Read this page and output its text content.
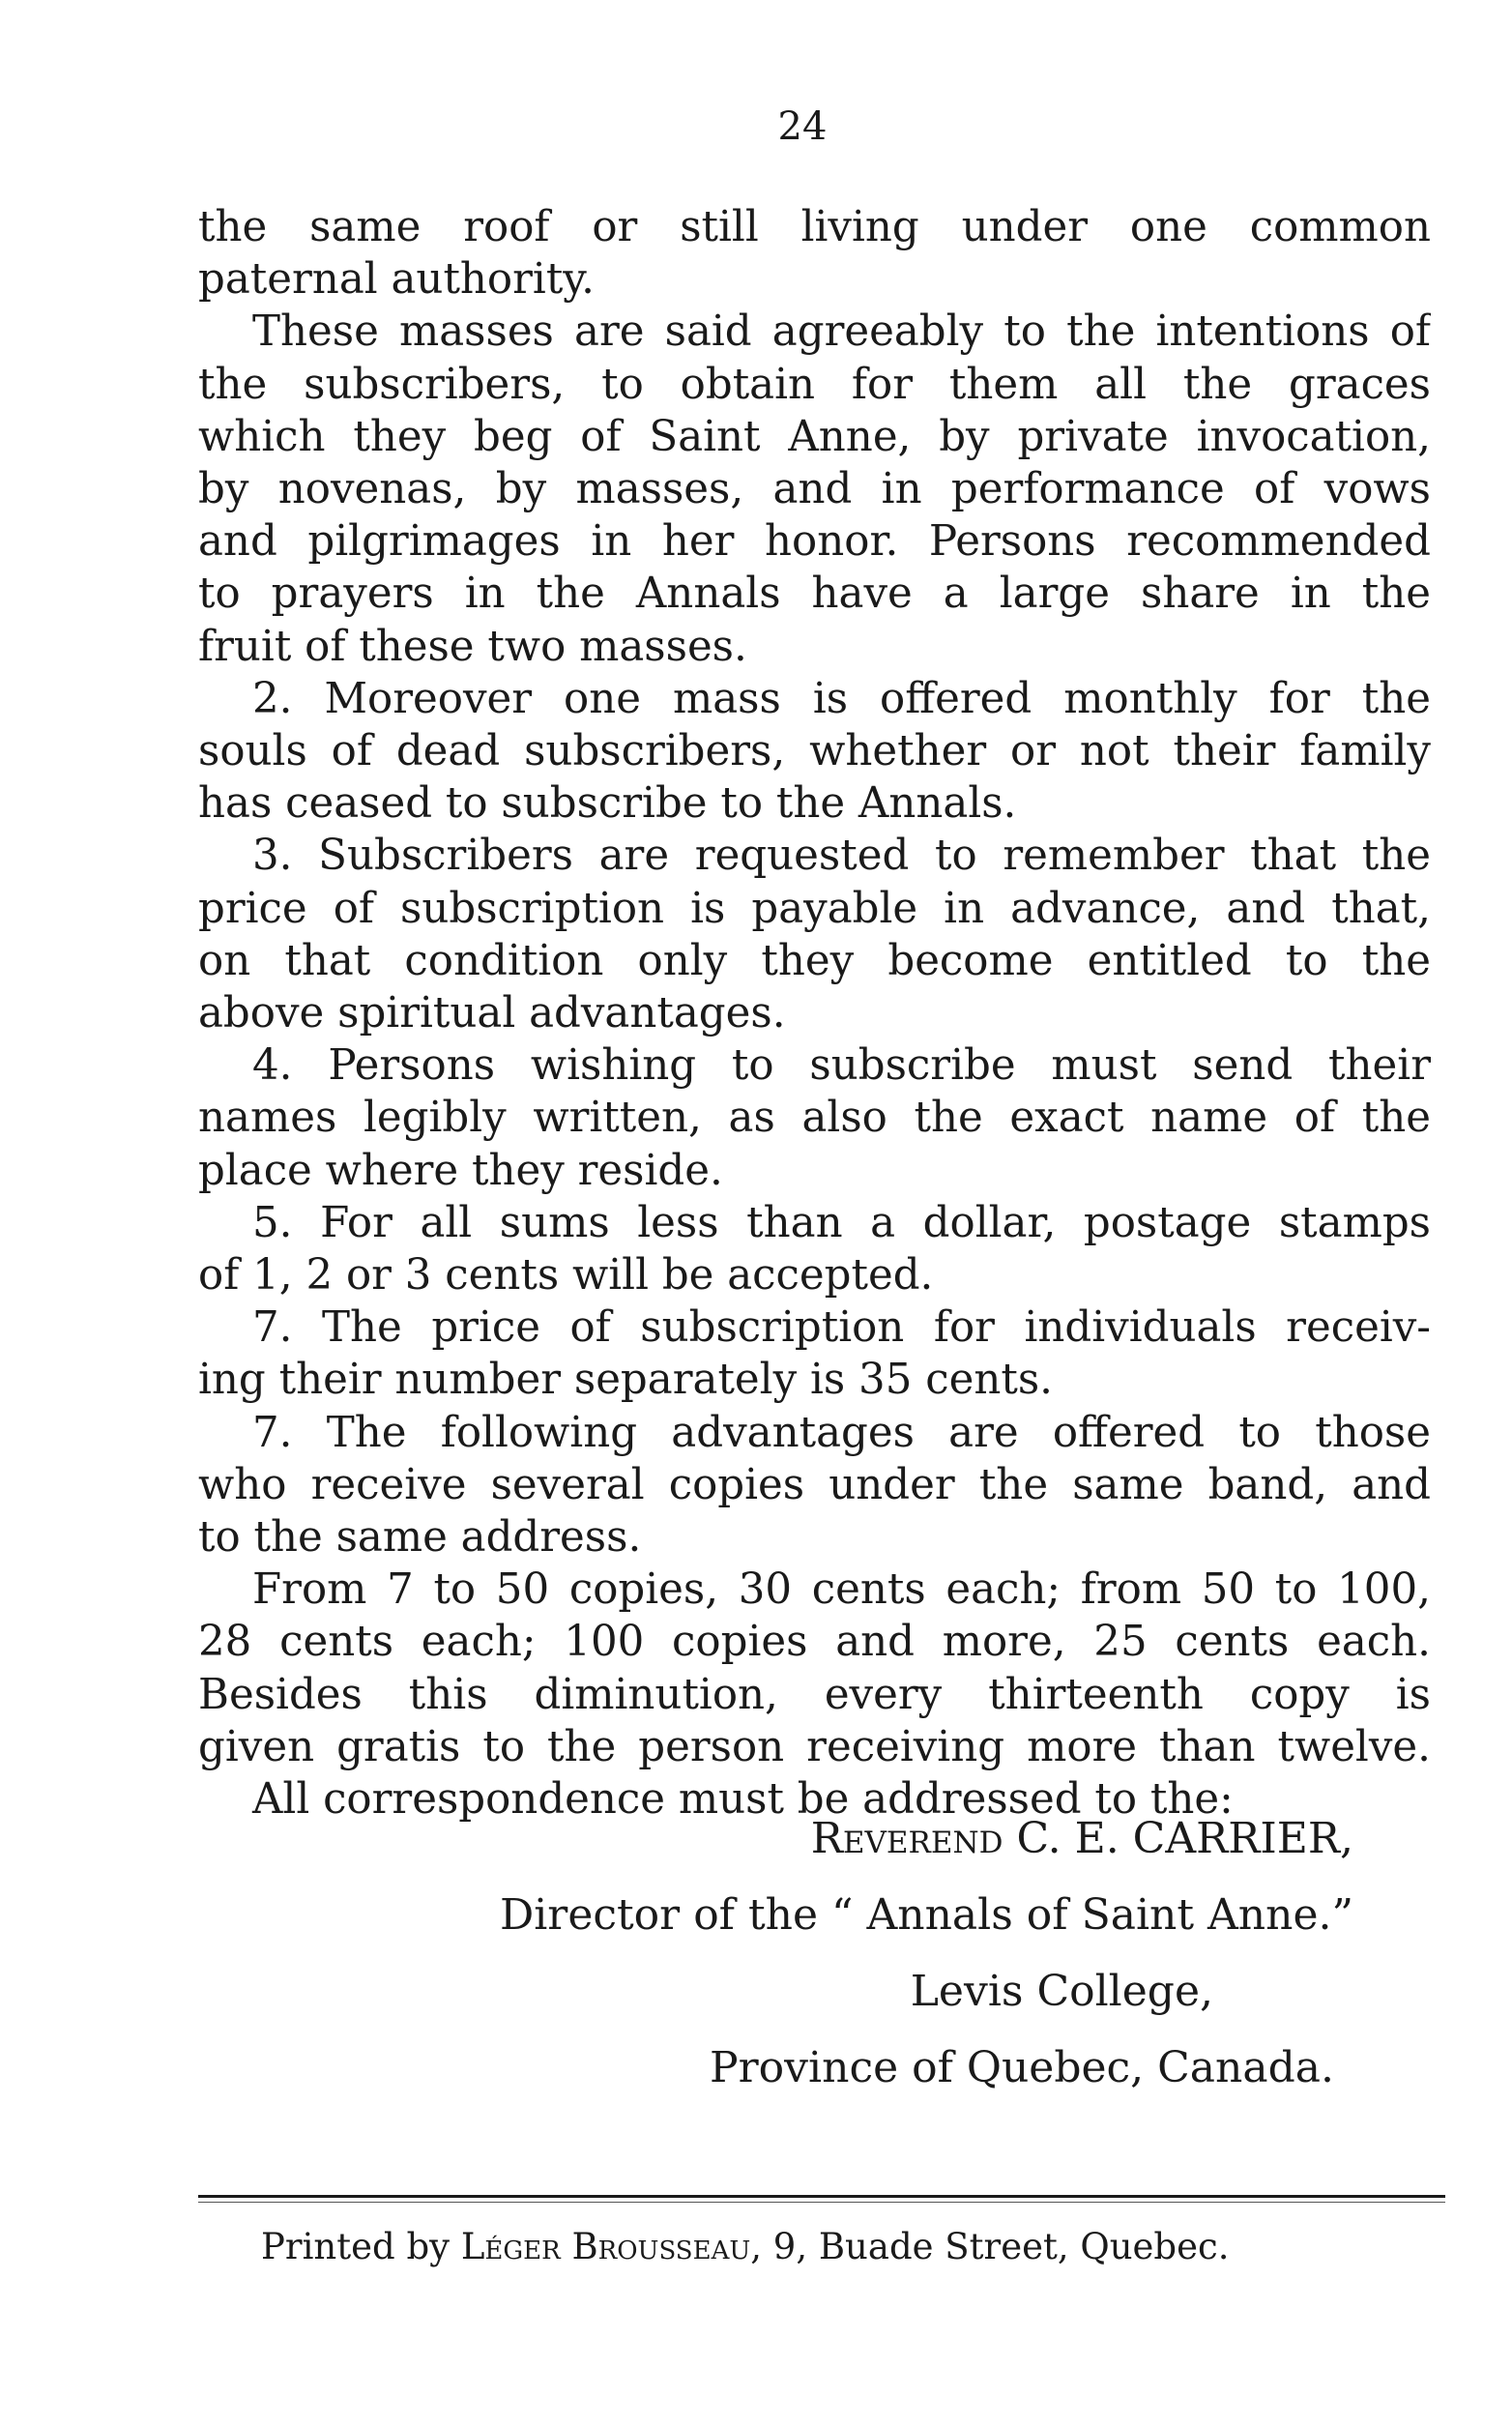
24
the same roof or still living under one common
paternal authority.
These masses are said agreeably to the intentions of
the subscribers, to obtain for them all the graces
which they beg of Saint Anne, by private invocation,
by novenas, by masses, and in performance of vows
and pilgrimages in her honor. Persons recommended
to prayers in the Annals have a large share in the
fruit of these two masses.
2. Moreover one mass is offered monthly for the
souls of dead subscribers, whether or not their family
has ceased to subscribe to the Annals.
3. Subscribers are requested to remember that the
price of subscription is payable in advance, and that,
on that condition only they become entitled to the
above spiritual advantages.
4. Persons wishing to subscribe must send their
names legibly written, as also the exact name of the
place where they reside.
5. For all sums less than a dollar, postage stamps
of 1, 2 or 3 cents will be accepted.
7. The price of subscription for individuals receiv-
ing their number separately is 35 cents.
7. The following advantages are offered to those
who receive several copies under the same band, and
to the same address.
From 7 to 50 copies, 30 cents each; from 50 to 100,
28 cents each; 100 copies and more, 25 cents each.
Besides this diminution, every thirteenth copy is
given gratis to the person receiving more than twelve.
All correspondence must be addressed to the:
Reverend C. E. CARRIER,
Director of the “ Annals of Saint Anne.”
Levis College,
Province of Quebec, Canada.
Printed by Léger Brousseau, 9, Buade Street, Quebec.
